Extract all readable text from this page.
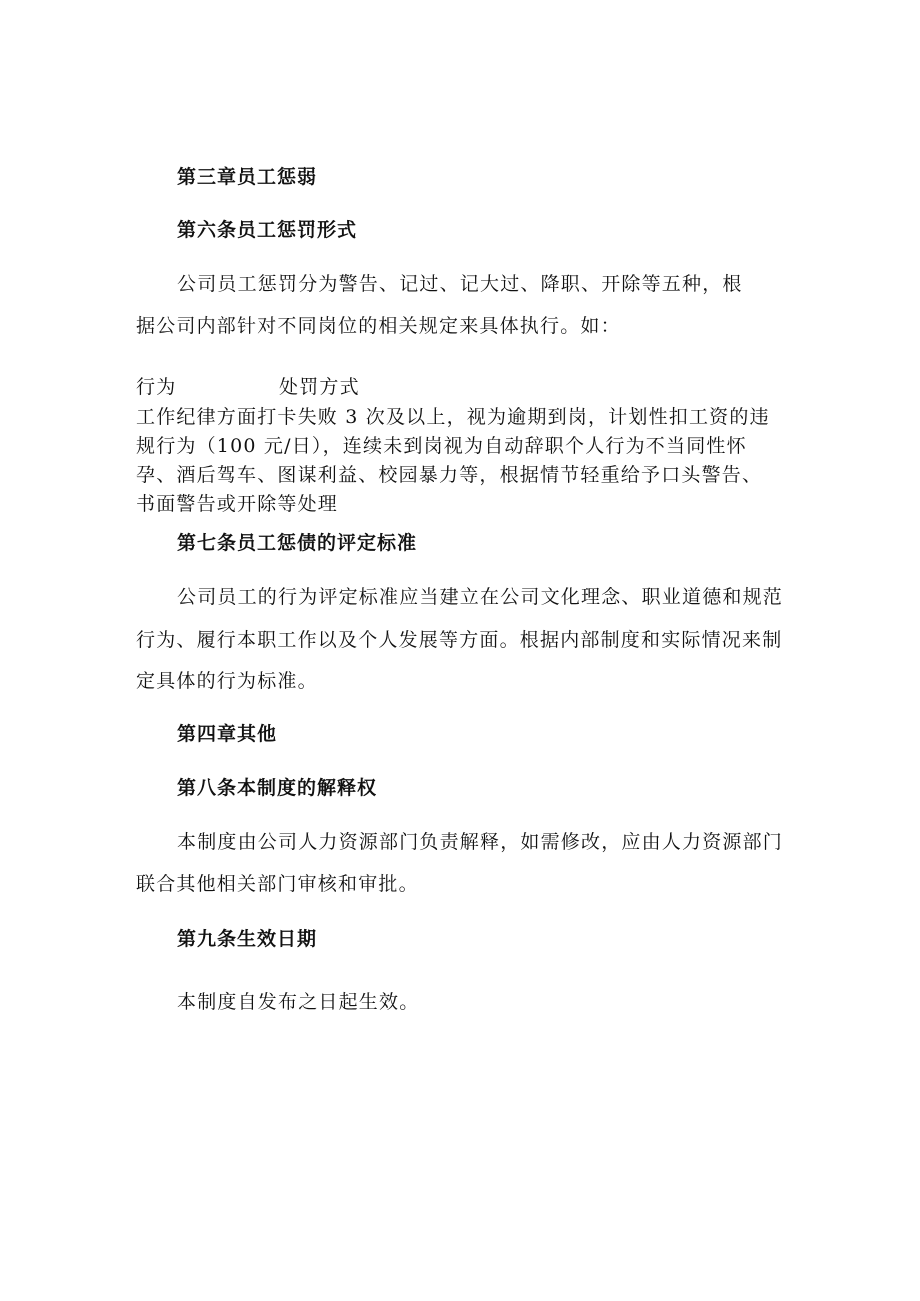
第三章员工惩弱
第六条员工惩罚形式
公司员工惩罚分为警告、记过、记大过、降职、开除等五种，根
据公司内部针对不同岗位的相关规定来具体执行。如：
行为	处罚方式
工作纪律方面打卡失败 3 次及以上，视为逾期到岗，计划性扣工资的违
规行为（100 元/日），连续未到岗视为自动辞职个人行为不当同性怀
孕、酒后驾车、图谋利益、校园暴力等，根据情节轻重给予口头警告、
书面警告或开除等处理
第七条员工惩债的评定标准
公司员工的行为评定标准应当建立在公司文化理念、职业道德和规范
行为、履行本职工作以及个人发展等方面。根据内部制度和实际情况来制
定具体的行为标准。
第四章其他
第八条本制度的解释权
本制度由公司人力资源部门负责解释，如需修改，应由人力资源部门
联合其他相关部门审核和审批。
第九条生效日期
本制度自发布之日起生效。
